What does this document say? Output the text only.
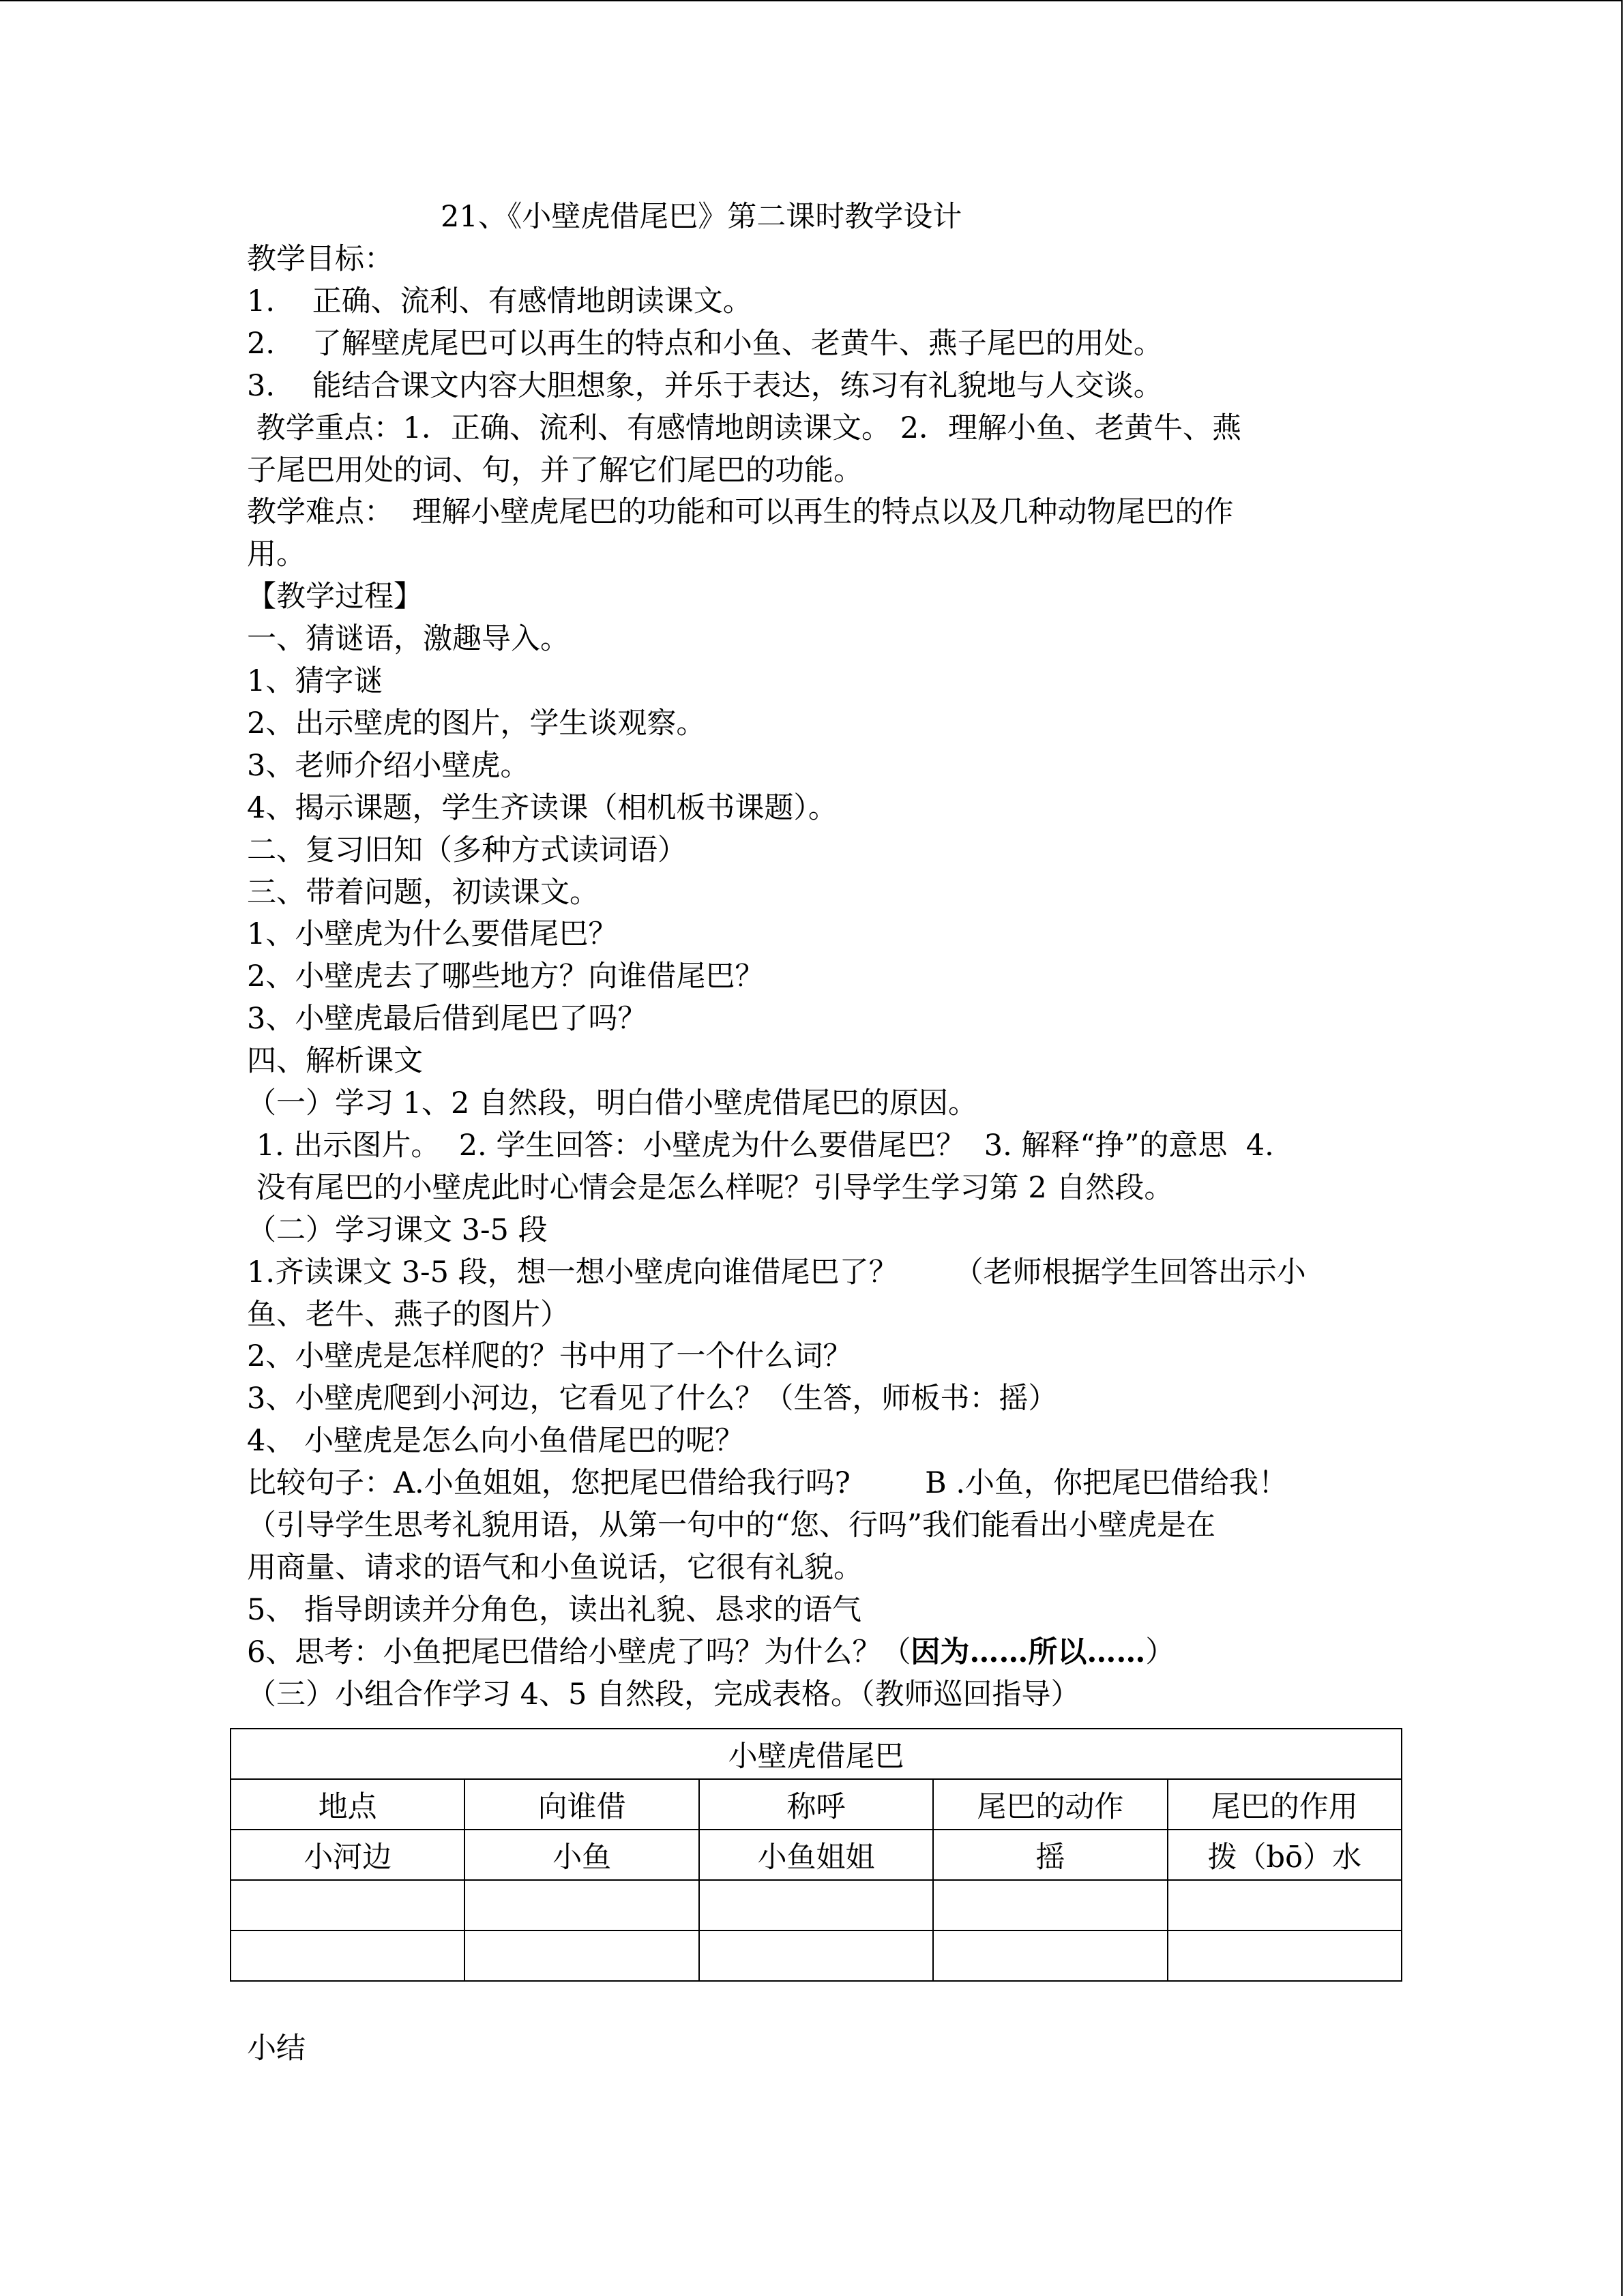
21、《小壁虎借尾巴》第二课时教学设计
教学目标：
1.    正确、流利、有感情地朗读课文。
2.    了解壁虎尾巴可以再生的特点和小鱼、老黄牛、燕子尾巴的用处。
3.    能结合课文内容大胆想象，并乐于表达，练习有礼貌地与人交谈。
教学重点：1．正确、流利、有感情地朗读课文。 2．理解小鱼、老黄牛、燕
子尾巴用处的词、句，并了解它们尾巴的功能。
教学难点：  理解小壁虎尾巴的功能和可以再生的特点以及几种动物尾巴的作
用。
【教学过程】
一、猜谜语，激趣导入。
1、猜字谜
2、出示壁虎的图片，学生谈观察。
3、老师介绍小壁虎。
4、揭示课题，学生齐读课（相机板书课题）。
二、复习旧知（多种方式读词语）
三、带着问题，初读课文。
1、小壁虎为什么要借尾巴？
2、小壁虎去了哪些地方？向谁借尾巴？
3、小壁虎最后借到尾巴了吗？
四、解析课文
（一）学习 1、2 自然段，明白借小壁虎借尾巴的原因。
1. 出示图片。  2. 学生回答：小壁虎为什么要借尾巴？  3. 解释“挣”的意思  4.
没有尾巴的小壁虎此时心情会是怎么样呢？引导学生学习第 2 自然段。
（二）学习课文 3-5 段
1.齐读课文 3-5 段，想一想小壁虎向谁借尾巴了？      （老师根据学生回答出示小
鱼、老牛、燕子的图片）
2、小壁虎是怎样爬的？书中用了一个什么词？
3、小壁虎爬到小河边，它看见了什么？（生答，师板书：摇）
4、 小壁虎是怎么向小鱼借尾巴的呢？
比较句子：A.小鱼姐姐，您把尾巴借给我行吗?        B .小鱼，你把尾巴借给我！
（引导学生思考礼貌用语，从第一句中的“您、行吗”我们能看出小壁虎是在
用商量、请求的语气和小鱼说话，它很有礼貌。
5、 指导朗读并分角色，读出礼貌、恳求的语气
6、思考：小鱼把尾巴借给小壁虎了吗？为什么？（因为……所以……）
（三）小组合作学习 4、5 自然段，完成表格。（教师巡回指导）
小壁虎借尾巴				
地点	向谁借	称呼	尾巴的动作	尾巴的作用
小河边	小鱼	小鱼姐姐	摇	拨（bō）水

小结
